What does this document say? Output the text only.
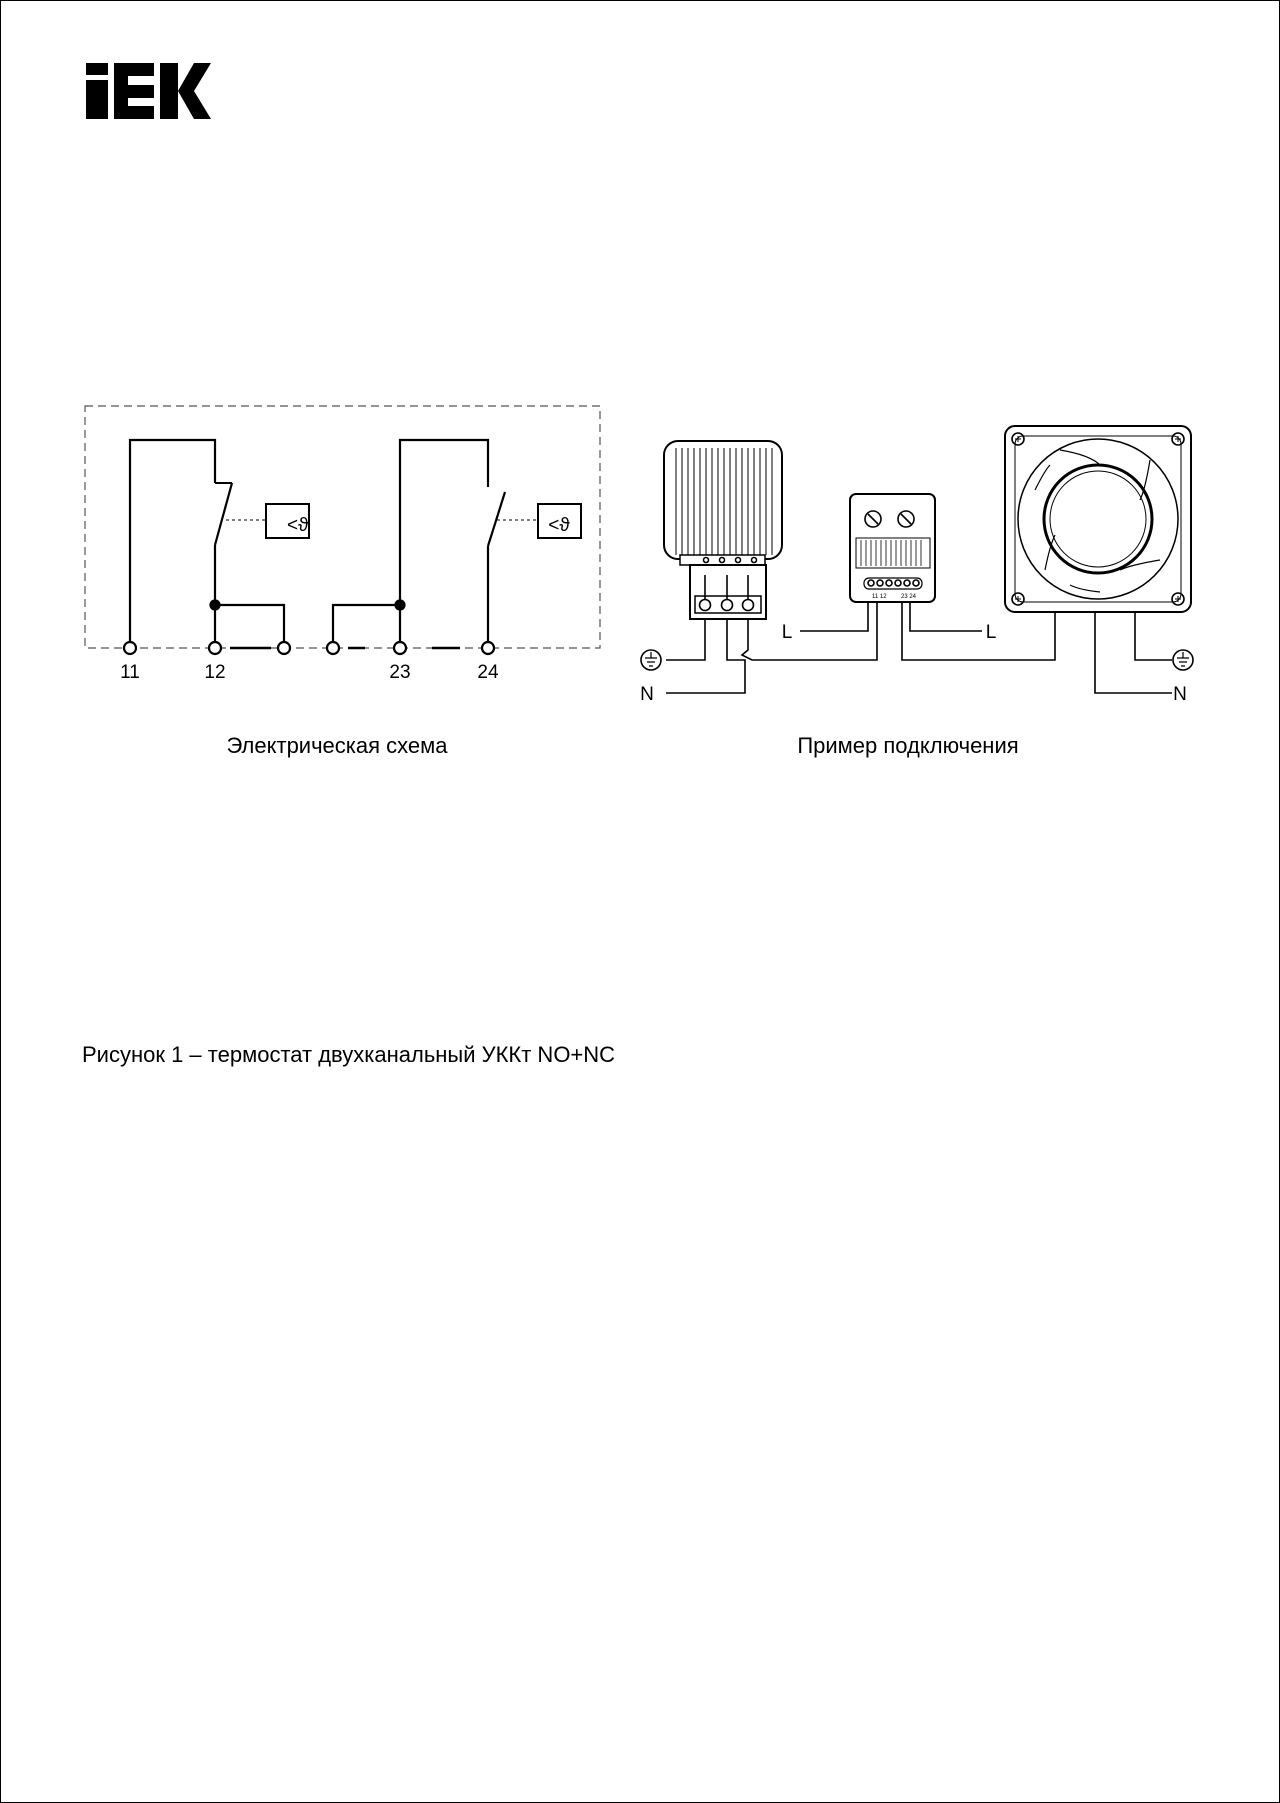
<ϑ	<ϑ
11	12	23	24
11 12 23 24
L	L
N	N
Электрическая схема	Пример подключения
Рисунок 1 – термостат двухканальный УККт NO+NC
